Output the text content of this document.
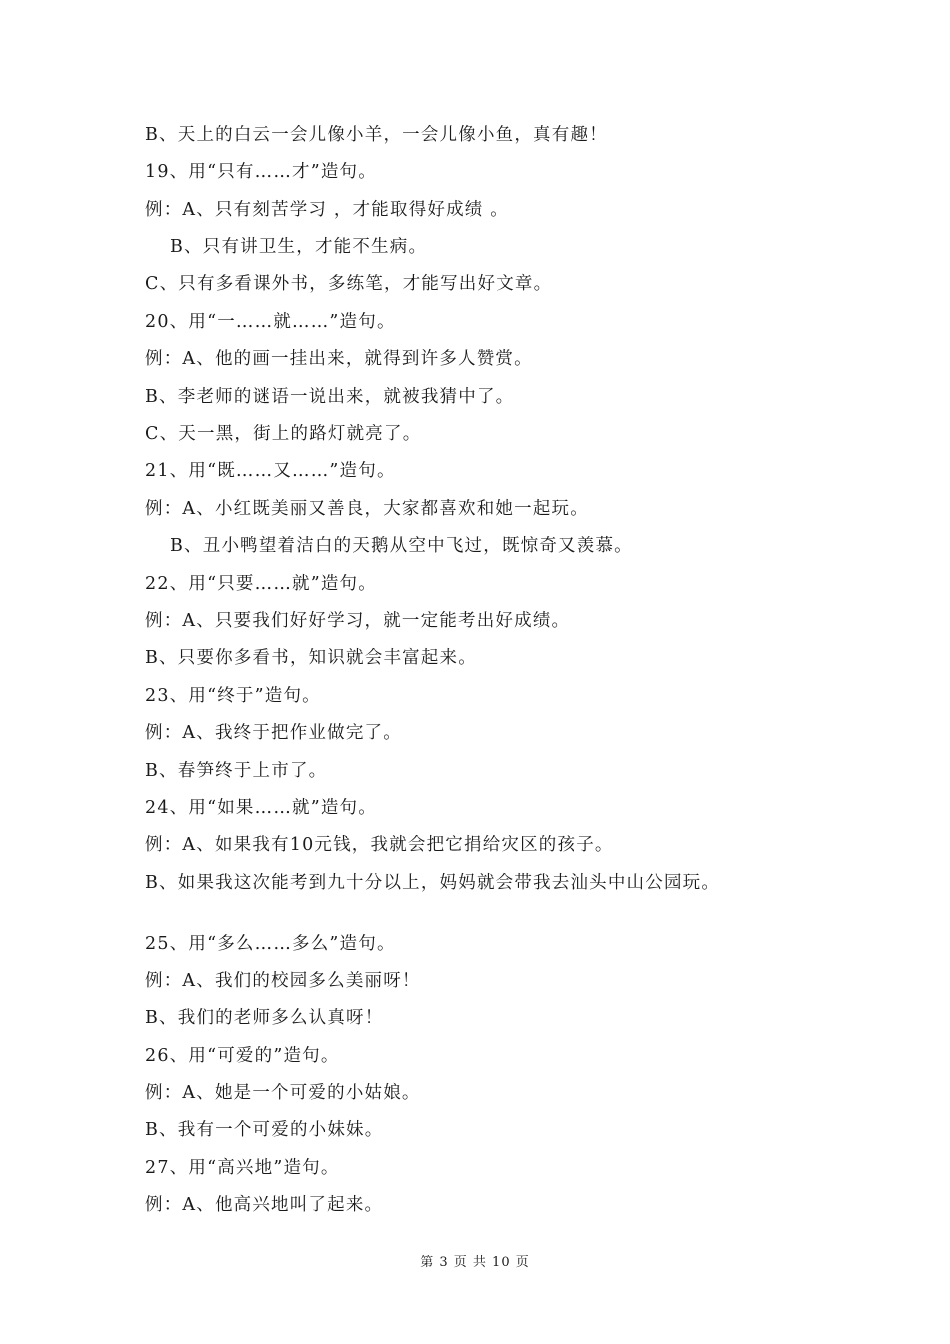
B、天上的白云一会儿像小羊，一会儿像小鱼，真有趣！
19、用“只有……才”造句。
例：A、只有刻苦学习 ，才能取得好成绩 。
B、只有讲卫生，才能不生病。
C、只有多看课外书，多练笔，才能写出好文章。
20、用“一……就……”造句。
例：A、他的画一挂出来，就得到许多人赞赏。
B、李老师的谜语一说出来，就被我猜中了。
C、天一黑，街上的路灯就亮了。
21、用“既……又……”造句。
例：A、小红既美丽又善良，大家都喜欢和她一起玩。
B、丑小鸭望着洁白的天鹅从空中飞过，既惊奇又羡慕。
22、用“只要……就”造句。
例：A、只要我们好好学习，就一定能考出好成绩。
B、只要你多看书，知识就会丰富起来。
23、用“终于”造句。
例：A、我终于把作业做完了。
B、春笋终于上市了。
24、用“如果……就”造句。
例：A、如果我有10元钱，我就会把它捐给灾区的孩子。
B、如果我这次能考到九十分以上，妈妈就会带我去汕头中山公园玩。
25、用“多么……多么”造句。
例：A、我们的校园多么美丽呀！
B、我们的老师多么认真呀！
26、用“可爱的”造句。
例：A、她是一个可爱的小姑娘。
B、我有一个可爱的小妹妹。
27、用“高兴地”造句。
例：A、他高兴地叫了起来。
第 3 页 共 10 页
